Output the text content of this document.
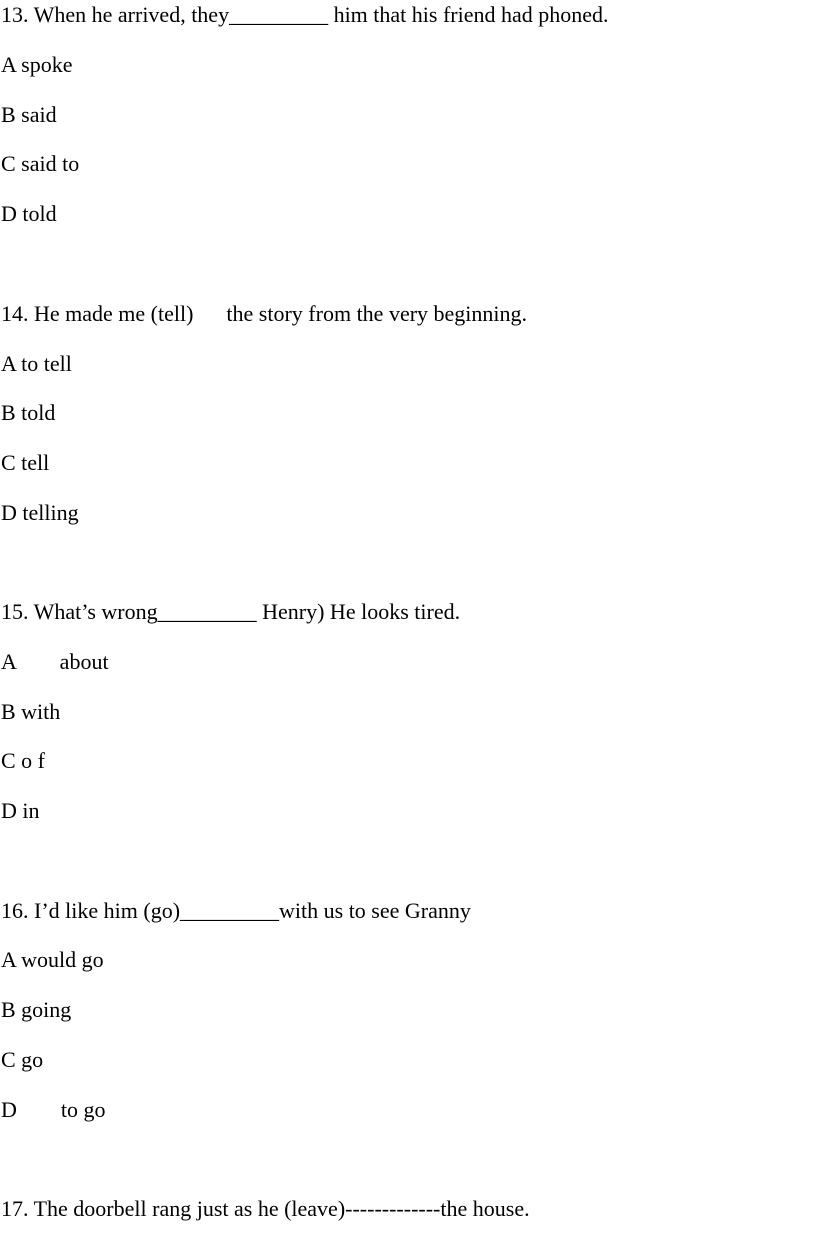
13. When he arrived, they_________ him that his friend had phoned.
A spoke
B said
C said to
D told
14. He made me (tell)      the story from the very beginning.
A to tell
B told
C tell
D telling
15. What’s wrong_________ Henry) He looks tired.
A        about
B with
C o f
D in
16. I’d like him (go)_________with us to see Granny
A would go
B going
C go
D        to go
17. The doorbell rang just as he (leave)-------------the house.
